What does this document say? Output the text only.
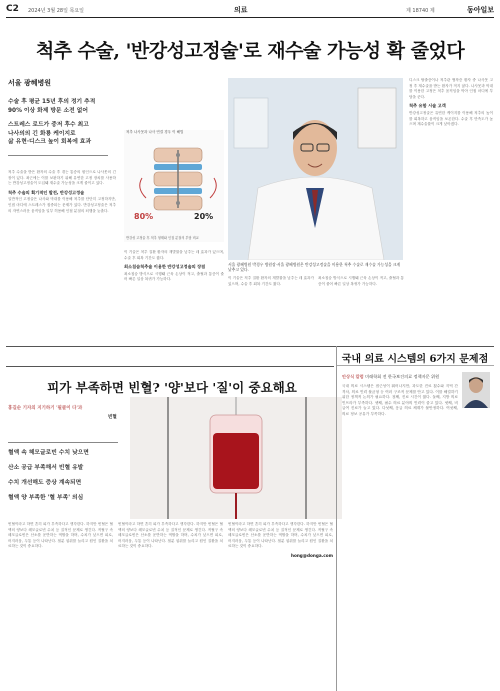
C2 2024년 3월 28일 목요일	의료	제 18740 제	동아일보
척추 수술, '반강성고정술'로 재수술 가능성 확 줄었다
서울 광혜병원
수술 후 평균 15년 후의 정기 추적
90% 이상 화제 방문 소전 없어
스트레스 로드가 중저 후수 최고
나사의의 긴 화룡 케이지로
삶 유현·디스크 높이 회복에 효과
척추 수술을 받은 환자의 수술 후 겪는 통증의 원인으로 나사못의 긴장이 있다. 최근에는 이를 보완하기 위해 유연한 고정 장치를 사용하는 반강성고정술이 도입돼 재수술 가능성을 크게 줄이고 있다.
척추 수술의 획기적인 발전, 반강성고정술
일반적인 고정술은 나사와 막대를 이용해 척추를 단단히 고정하지만, 인접 마디에 스트레스가 집중되는 문제가 있다. 반강성고정술은 척추의 자연스러운 움직임을 일부 허용해 인접 분절의 퇴행을 늦춘다.
척추 나사못과 나사 연결 경우 이 해법
80%	20%
반강성 고정술 후 척추 형태와 인접 분절의 부담 비교
이 기술은 척추 질환 환자의 재발률을 낮추는 데 효과가 있으며, 수술 후 회복 기간도 짧다.
최소침습척추술 이용한 반강성고정술의 장점
최소침습 방식으로 시행돼 근육 손상이 적고, 출혈과 통증이 줄어 빠른 일상 복귀가 가능하다.
서울 광혜병원 박경우 병원장·서울 광혜병원은 반강성고정술을 이용한 척추 수술로 재수술 가능성을 크게 낮추고 있다.
이 기술은 척추 질환 환자의 재발률을 낮추는 데 효과가 있으며, 수술 후 회복 기간도 짧다.
최소침습 방식으로 시행돼 근육 손상이 적고, 출혈과 통증이 줄어 빠른 일상 복귀가 가능하다.
디스크 탈출증이나 척추관 협착증 환자 중 나사못 고정 후 재수술을 받는 환자가 적지 않다. 나사못과 막대를 이용한 고정은 척추 움직임을 막아 인접 마디에 부담을 준다.
척추 유합 시술 고객
반강성고정술은 유연한 케이지를 이용해 척추의 높이를 회복하고 움직임을 보존한다. 수술 후 만족도가 높으며 재수술률이 크게 낮아졌다.
국내 의료 시스템의 6가지 문제점
안상식 칼럼 미래학회 전 한국보건의료 정책자문 위원
국내 의료 시스템은 접근성이 뛰어나지만, 과도한 진료 횟수와 지역 간 격차, 의료 인력 불균형 등 여러 구조적 문제를 안고 있다. 이를 해결하기 위한 정책적 논의가 필요하다. 첫째, 진료 시간이 짧다. 둘째, 지방 의료 인프라가 부족하다. 셋째, 필수 의료 분야의 인력이 줄고 있다. 넷째, 비급여 진료가 늘고 있다. 다섯째, 응급 의료 체계가 불안정하다. 여섯째, 의료 정보 공유가 부족하다.
피가 부족하면 빈혈? '양'보다 '질'이 중요해요
홍길순 기자의 지기하기 '필클이 다'과
빈혈
혈액 속 헤모글로빈 수치 낮으면
산소 공급 부족해서 빈혈 유발
수치 개선해도 증상 계속되면
혈액 양 부족한 '혈 부족' 의심
빈혈이라고 하면 흔히 피가 부족하다고 생각한다. 하지만 빈혈은 혈액의 양보다 헤모글로빈 수치 등 질적인 문제로 생긴다. 적혈구 속 헤모글로빈은 산소를 운반하는 역할을 하며, 수치가 낮으면 피로, 어지러움, 두통 등이 나타난다. 철분 섭취를 늘리고 원인 질환을 치료하는 것이 중요하다.
빈혈이라고 하면 흔히 피가 부족하다고 생각한다. 하지만 빈혈은 혈액의 양보다 헤모글로빈 수치 등 질적인 문제로 생긴다. 적혈구 속 헤모글로빈은 산소를 운반하는 역할을 하며, 수치가 낮으면 피로, 어지러움, 두통 등이 나타난다. 철분 섭취를 늘리고 원인 질환을 치료하는 것이 중요하다.
빈혈이라고 하면 흔히 피가 부족하다고 생각한다. 하지만 빈혈은 혈액의 양보다 헤모글로빈 수치 등 질적인 문제로 생긴다. 적혈구 속 헤모글로빈은 산소를 운반하는 역할을 하며, 수치가 낮으면 피로, 어지러움, 두통 등이 나타난다. 철분 섭취를 늘리고 원인 질환을 치료하는 것이 중요하다.
hong@donga.com
